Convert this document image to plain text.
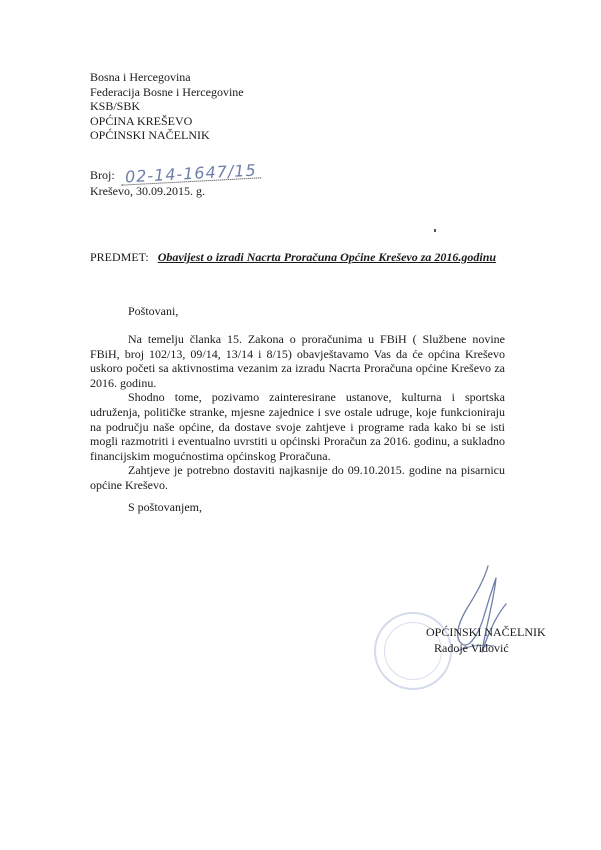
Bosna i Hercegovina
Federacija Bosne i Hercegovine
KSB/SBK
OPĆINA KREŠEVO
OPĆINSKI NAČELNIK
Broj: 02-14-1647/15
Kreševo, 30.09.2015. g.
PREDMET: Obavijest o izradi Nacrta Proračuna Općine Kreševo za 2016.godinu
Poštovani,

Na temelju članka 15. Zakona o proračunima u FBiH ( Službene novine FBiH, broj 102/13, 09/14, 13/14 i 8/15) obavještavamo Vas da će općina Kreševo uskoro početi sa aktivnostima vezanim za izradu Nacrta Proračuna općine Kreševo za 2016. godinu.

Shodno tome, pozivamo zainteresirane ustanove, kulturna i sportska udruženja, političke stranke, mjesne zajednice i sve ostale udruge, koje funkcioniraju na području naše općine, da dostave svoje zahtjeve i programe rada kako bi se isti mogli razmotriti i eventualno uvrstiti u općinski Proračun za 2016. godinu, a sukladno financijskim mogućnostima općinskog Proračuna.

Zahtjeve je potrebno dostaviti najkasnije do 09.10.2015. godine na pisarnicu općine Kreševo.

S poštovanjem,
OPĆINSKI NAČELNIK
Radoje Vidović
